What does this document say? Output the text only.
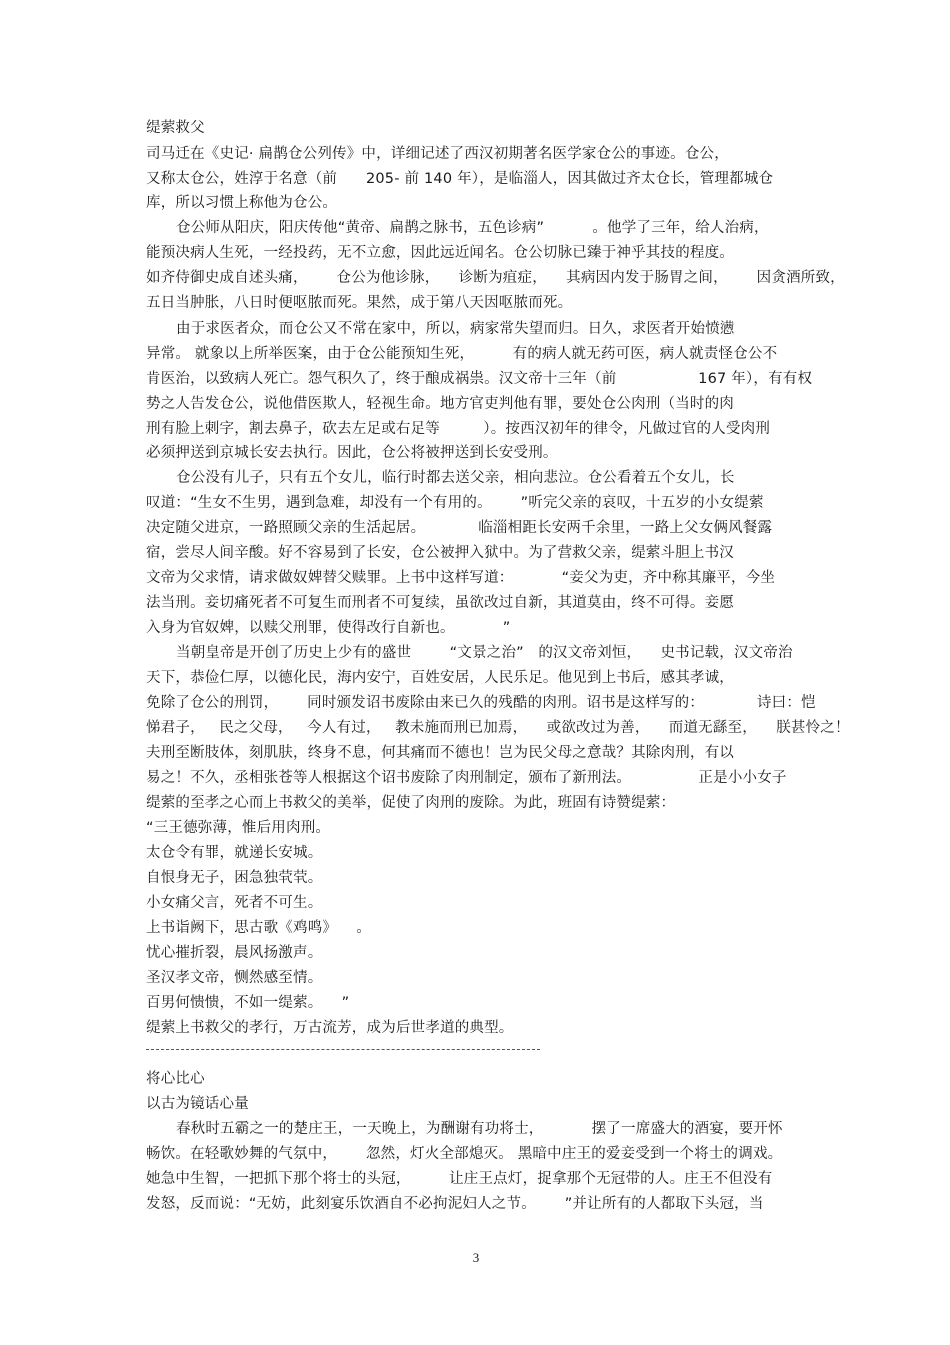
缇萦救父
司马迁在《史记· 扁鹊仓公列传》中，详细记述了西汉初期著名医学家仓公的事迹。仓公，
又称太仓公，姓淳于名意（前      205- 前 140 年），是临淄人，因其做过齐太仓长，管理都城仓
库，所以习惯上称他为仓公。
仓公师从阳庆，阳庆传他“黄帝、扁鹊之脉书，五色诊病”          。他学了三年，给人治病，
能预决病人生死，一经投药，无不立愈，因此远近闻名。仓公切脉已臻于神乎其技的程度。
如齐侍御史成自述头痛，      仓公为他诊脉，    诊断为疽症，    其病因内发于肠胃之间，      因贪酒所致，
五日当肿胀，八日时便呕脓而死。果然，成于第八天因呕脓而死。
由于求医者众，而仓公又不常在家中，所以，病家常失望而归。日久，求医者开始愤懑
异常。 就象以上所举医案，由于仓公能预知生死，        有的病人就无药可医，病人就责怪仓公不
肯医治，以致病人死亡。怨气积久了，终于酿成祸祟。汉文帝十三年（前                 167 年），有有权
势之人告发仓公，说他借医欺人，轻视生命。地方官吏判他有罪，要处仓公肉刑（当时的肉
刑有脸上刺字，割去鼻子，砍去左足或右足等         ）。按西汉初年的律令，凡做过官的人受肉刑
必须押送到京城长安去执行。因此，仓公将被押送到长安受刑。
仓公没有儿子，只有五个女儿，临行时都去送父亲，相向悲泣。仓公看着五个女儿，长
叹道：“生女不生男，遇到急难，却没有一个有用的。      ”听完父亲的哀叹，十五岁的小女缇萦
决定随父进京，一路照顾父亲的生活起居。           临淄相距长安两千余里，一路上父女俩风餐露
宿，尝尽人间辛酸。好不容易到了长安，仓公被押入狱中。为了营救父亲，缇萦斗胆上书汉
文帝为父求情，请求做奴婢替父赎罪。上书中这样写道：          “妾父为吏，齐中称其廉平，今坐
法当刑。妾切痛死者不可复生而刑者不可复续，虽欲改过自新，其道莫由，终不可得。妾愿
入身为官奴婢，以赎父刑罪，使得改行自新也。          ”
当朝皇帝是开创了历史上少有的盛世        “文景之治”   的汉文帝刘恒，    史书记载，汉文帝治
天下，恭俭仁厚，以德化民，海内安宁，百姓安居，人民乐足。他见到上书后，感其孝诚，
免除了仓公的刑罚，      同时颁发诏书废除由来已久的残酷的肉刑。诏书是这样写的：           诗曰：恺
悌君子，   民之父母，   今人有过，   教未施而刑已加焉，    或欲改过为善，    而道无繇至，    朕甚怜之！
夫刑至断肢体，刻肌肤，终身不息，何其痛而不德也！岂为民父母之意哉？其除肉刑，有以
易之！不久，丞相张苍等人根据这个诏书废除了肉刑制定，颁布了新刑法。              正是小小女子
缇萦的至孝之心而上书救父的美举，促使了肉刑的废除。为此，班固有诗赞缇萦：
“三王德弥薄，惟后用肉刑。
太仓令有罪，就递长安城。
自恨身无子，困急独茕茕。
小女痛父言，死者不可生。
上书诣阙下，思古歌《鸡鸣》    。
忧心摧折裂，晨风扬激声。
圣汉孝文帝，恻然感至情。
百男何愦愦，不如一缇萦。    ”
缇萦上书救父的孝行，万古流芳，成为后世孝道的典型。
将心比心
以古为镜话心量
春秋时五霸之一的楚庄王，一天晚上，为酬谢有功将士，          摆了一席盛大的酒宴，要开怀
畅饮。在轻歌妙舞的气氛中，      忽然，灯火全部熄灭。 黑暗中庄王的爱妾受到一个将士的调戏。
她急中生智，一把抓下那个将士的头冠，        让庄王点灯，捉拿那个无冠带的人。庄王不但没有
发怒，反而说：“无妨，此刻宴乐饮酒自不必拘泥妇人之节。      ”并让所有的人都取下头冠，当
3
